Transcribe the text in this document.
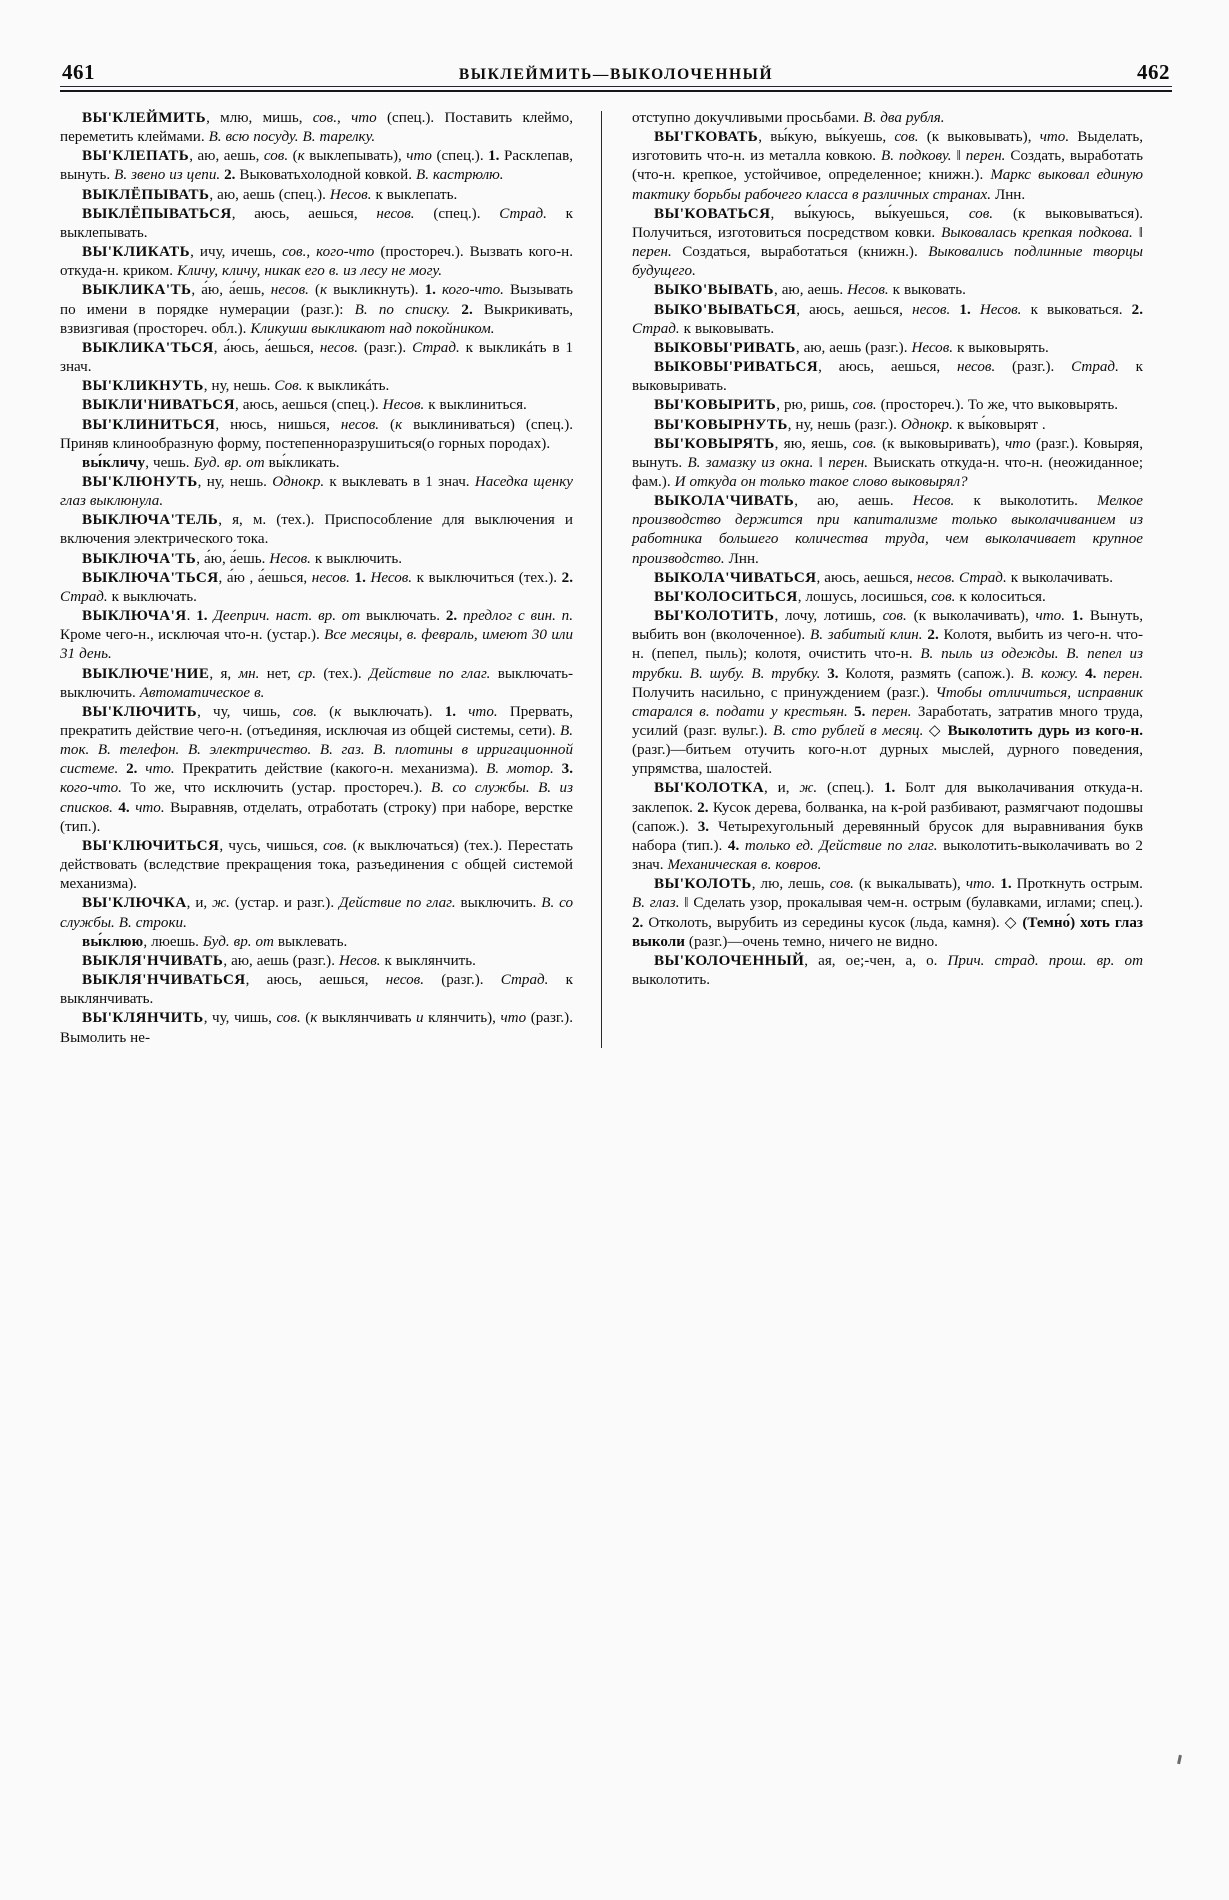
461	ВЫКЛЕЙМИТЬ—ВЫКОЛОЧЕННЫЙ	462

ВЫ'КЛЕЙМИТЬ, млю, мишь, сов., что (спец.). Поставить клеймо, переметить клеймами. В. всю посуду. В. тарелку.

ВЫ'КЛЕПАТЬ, аю, аешь, сов. (к выклепывать), что (спец.). 1. Расклепав, вынуть. В. звено из цепи. 2. Выковатьхолодной ковкой. В. кастрюлю.

ВЫКЛЁПЫВАТЬ, аю, аешь (спец.). Несов. к выклепать.

ВЫКЛЁПЫВАТЬСЯ, аюсь, аешься, несов. (спец.). Страд. к выклепывать.

ВЫ'КЛИКАТЬ, ичу, ичешь, сов., кого-что (простореч.). Вызвать кого-н. откуда-н. криком. Кличу, кличу, никак его в. из лесу не могу.

ВЫКЛИКА'ТЬ, а́ю, а́ешь, несов. (к выкликнуть). 1. кого-что. Вызывать по имени в порядке нумерации (разг.): В. по списку. 2. Выкрикивать, взвизгивая (простореч. обл.). Кликуши выкликают над покойником.

ВЫКЛИКА'ТЬСЯ, а́юсь, а́ешься, несов. (разг.). Страд. к выкликáть в 1 знач.

ВЫ'КЛИКНУТЬ, ну, нешь. Сов. к выкликáть.

ВЫКЛИ'НИВАТЬСЯ, аюсь, аешься (спец.). Несов. к выклиниться.

ВЫ'КЛИНИТЬСЯ, нюсь, нишься, несов. (к выклиниваться) (спец.). Приняв клинообразную форму, постепенноразрушиться(о горных породах).

вы́кличу, чешь. Буд. вр. от вы́кликать.

ВЫ'КЛЮНУТЬ, ну, нешь. Однокр. к выклевать в 1 знач. Наседка щенку глаз выклюнула.

ВЫКЛЮЧА'ТЕЛЬ, я, м. (тех.). Приспособление для выключения и включения электрического тока.

ВЫКЛЮЧА'ТЬ, а́ю, а́ешь. Несов. к выключить.

ВЫКЛЮЧА'ТЬСЯ, а́ю , а́ешься, несов. 1. Несов. к выключиться (тех.). 2. Страд. к выключать.

ВЫКЛЮЧА'Я. 1. Дееприч. наст. вр. от выключать. 2. предлог с вин. п. Кроме чего-н., исключая что-н. (устар.). Все месяцы, в. февраль, имеют 30 или 31 день.

ВЫКЛЮЧЕ'НИЕ, я, мн. нет, ср. (тех.). Действие по глаг. выключать-выключить. Автоматическое в.

ВЫ'КЛЮЧИТЬ, чу, чишь, сов. (к выключать). 1. что. Прервать, прекратить действие чего-н. (отъединяя, исключая из общей системы, сети). В. ток. В. телефон. В. электричество. В. газ. В. плотины в ирригационной системе. 2. что. Прекратить действие (какого-н. механизма). В. мотор. 3. кого-что. То же, что исключить (устар. простореч.). В. со службы. В. из списков. 4. что. Выравняв, отделать, отработать (строку) при наборе, верстке (тип.).

ВЫ'КЛЮЧИТЬСЯ, чусь, чишься, сов. (к выключаться) (тех.). Перестать действовать (вследствие прекращения тока, разъединения с общей системой механизма).

ВЫ'КЛЮЧКА, и, ж. (устар. и разг.). Действие по глаг. выключить. В. со службы. В. строки.

вы́клюю, люешь. Буд. вр. от выклевать.

ВЫКЛЯ'НЧИВАТЬ, аю, аешь (разг.). Несов. к выклянчить.

ВЫКЛЯ'НЧИВАТЬСЯ, аюсь, аешься, несов. (разг.). Страд. к выклянчивать.

ВЫ'КЛЯНЧИТЬ, чу, чишь, сов. (к выклянчивать и клянчить), что (разг.). Вымолить не-

отступно докучливыми просьбами. В. два рубля.

ВЫ'ГКОВАТЬ, вы́кую, вы́куешь, сов. (к выковывать), что. Выделать, изготовить что-н. из металла ковкою. В. подкову. ‖ перен. Создать, выработать (что-н. крепкое, устойчивое, определенное; книжн.). Маркс выковал единую тактику борьбы рабочего класса в различных странах. Лнн.

ВЫ'КОВАТЬСЯ, вы́куюсь, вы́куешься, сов. (к выковываться). Получиться, изготовиться посредством ковки. Выковалась крепкая подкова. ‖ перен. Создаться, выработаться (книжн.). Выковались подлинные творцы будущего.

ВЫКО'ВЫВАТЬ, аю, аешь. Несов. к выковать.

ВЫКО'ВЫВАТЬСЯ, аюсь, аешься, несов. 1. Несов. к выковаться. 2. Страд. к выковывать.

ВЫКОВЫ'РИВАТЬ, аю, аешь (разг.). Несов. к выковырять.

ВЫКОВЫ'РИВАТЬСЯ, аюсь, аешься, несов. (разг.). Страд. к выковыривать.

ВЫ'КОВЫРИТЬ, рю, ришь, сов. (простореч.). То же, что выковырять.

ВЫ'КОВЫРНУТЬ, ну, нешь (разг.). Однокр. к вы́ковырят .

ВЫ'КОВЫРЯТЬ, яю, яешь, сов. (к выковыривать), что (разг.). Ковыряя, вынуть. В. замазку из окна. ‖ перен. Выискать откуда-н. что-н. (неожиданное; фам.). И откуда он только такое слово выковырял?

ВЫКОЛА'ЧИВАТЬ, аю, аешь. Несов. к выколотить. Мелкое производство держится при капитализме только выколачиванием из работника большего количества труда, чем выколачивает крупное производство. Лнн.

ВЫКОЛА'ЧИВАТЬСЯ, аюсь, аешься, несов. Страд. к выколачивать.

ВЫ'КОЛОСИТЬСЯ, лошусь, лосишься, сов. к колоситься.

ВЫ'КОЛОТИТЬ, лочу, лотишь, сов. (к выколачивать), что. 1. Вынуть, выбить вон (вколоченное). В. забитый клин. 2. Колотя, выбить из чего-н. что-н. (пепел, пыль); колотя, очистить что-н. В. пыль из одежды. В. пепел из трубки. В. шубу. В. трубку. 3. Колотя, размять (сапож.). В. кожу. 4. перен. Получить насильно, с принуждением (разг.). Чтобы отличиться, исправник старался в. подати у крестьян. 5. перен. Заработать, затратив много труда, усилий (разг. вульг.). В. сто рублей в месяц. ◇ Выколотить дурь из кого-н. (разг.)—битьем отучить кого-н.от дурных мыслей, дурного поведения, упрямства, шалостей.

ВЫ'КОЛОТКА, и, ж. (спец.). 1. Болт для выколачивания откуда-н. заклепок. 2. Кусок дерева, болванка, на к-рой разбивают, размягчают подошвы (сапож.). 3. Четырехугольный деревянный брусок для выравнивания букв набора (тип.). 4. только ед. Действие по глаг. выколотить-выколачивать во 2 знач. Механическая в. ковров.

ВЫ'КОЛОТЬ, лю, лешь, сов. (к выкалывать), что. 1. Проткнуть острым. В. глаз. ‖ Сделать узор, прокалывая чем-н. острым (булавками, иглами; спец.). 2. Отколоть, вырубить из середины кусок (льда, камня). ◇ (Темно́) хоть глаз выколи (разг.)—очень темно, ничего не видно.

ВЫ'КОЛОЧЕННЫЙ, ая, ое;-чен, а, о. Прич. страд. прош. вр. от выколотить.
